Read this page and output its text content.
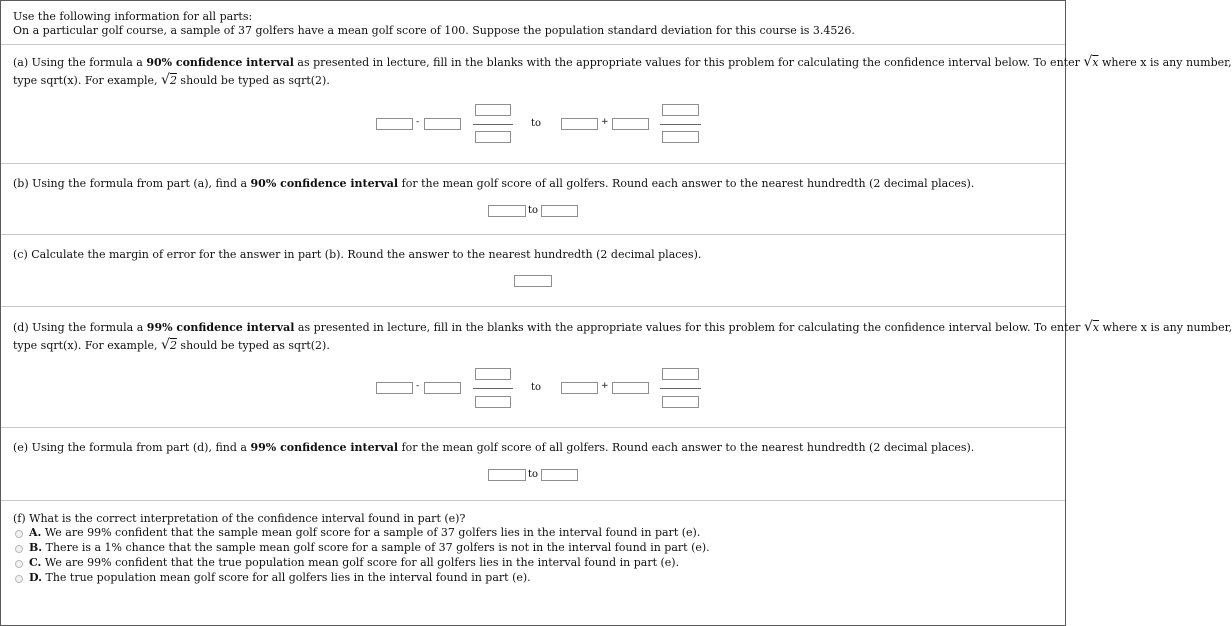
Use the following information for all parts:
On a particular golf course, a sample of 37 golfers have a mean golf score of 100. Suppose the population standard deviation for this course is 3.4526.
(a) Using the formula a 90% confidence interval as presented in lecture, fill in the blanks with the appropriate values for this problem for calculating the confidence interval below. To enter √x where x is any number,
type sqrt(x). For example, √2 should be typed as sqrt(2).
-	to	+
(b) Using the formula from part (a), find a 90% confidence interval for the mean golf score of all golfers. Round each answer to the nearest hundredth (2 decimal places).
to
(c) Calculate the margin of error for the answer in part (b). Round the answer to the nearest hundredth (2 decimal places).
(d) Using the formula a 99% confidence interval as presented in lecture, fill in the blanks with the appropriate values for this problem for calculating the confidence interval below. To enter √x where x is any number,
type sqrt(x). For example, √2 should be typed as sqrt(2).
-	to	+
(e) Using the formula from part (d), find a 99% confidence interval for the mean golf score of all golfers. Round each answer to the nearest hundredth (2 decimal places).
to
(f) What is the correct interpretation of the confidence interval found in part (e)?
A. We are 99% confident that the sample mean golf score for a sample of 37 golfers lies in the interval found in part (e).
B. There is a 1% chance that the sample mean golf score for a sample of 37 golfers is not in the interval found in part (e).
C. We are 99% confident that the true population mean golf score for all golfers lies in the interval found in part (e).
D. The true population mean golf score for all golfers lies in the interval found in part (e).
